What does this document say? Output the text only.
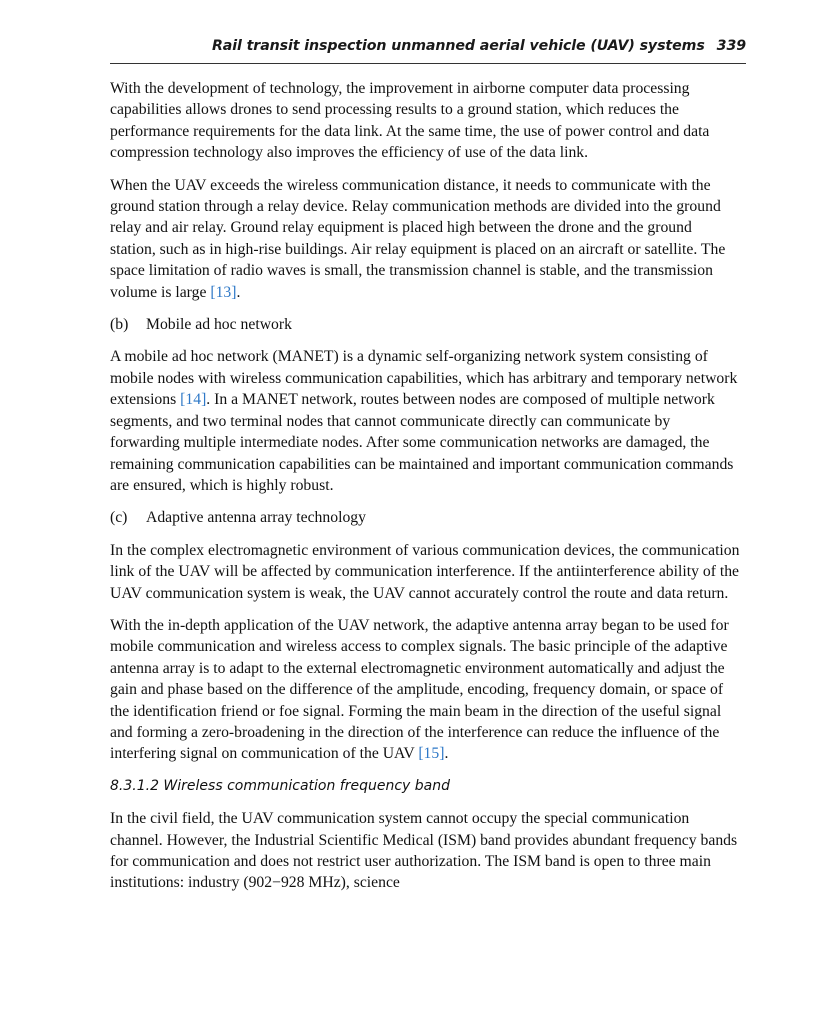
Rail transit inspection unmanned aerial vehicle (UAV) systems 339

With the development of technology, the improvement in airborne computer data processing capabilities allows drones to send processing results to a ground station, which reduces the performance requirements for the data link. At the same time, the use of power control and data compression technology also improves the efficiency of use of the data link.

When the UAV exceeds the wireless communication distance, it needs to communicate with the ground station through a relay device. Relay communication methods are divided into the ground relay and air relay. Ground relay equipment is placed high between the drone and the ground station, such as in high-rise buildings. Air relay equipment is placed on an aircraft or satellite. The space limitation of radio waves is small, the transmission channel is stable, and the transmission volume is large [13].

(b) Mobile ad hoc network

A mobile ad hoc network (MANET) is a dynamic self-organizing network system consisting of mobile nodes with wireless communication capabilities, which has arbitrary and temporary network extensions [14]. In a MANET network, routes between nodes are composed of multiple network segments, and two terminal nodes that cannot communicate directly can communicate by forwarding multiple intermediate nodes. After some communication networks are damaged, the remaining communication capabilities can be maintained and important communication commands are ensured, which is highly robust.

(c) Adaptive antenna array technology

In the complex electromagnetic environment of various communication devices, the communication link of the UAV will be affected by communication interference. If the antiinterference ability of the UAV communication system is weak, the UAV cannot accurately control the route and data return.

With the in-depth application of the UAV network, the adaptive antenna array began to be used for mobile communication and wireless access to complex signals. The basic principle of the adaptive antenna array is to adapt to the external electromagnetic environment automatically and adjust the gain and phase based on the difference of the amplitude, encoding, frequency domain, or space of the identification friend or foe signal. Forming the main beam in the direction of the useful signal and forming a zero-broadening in the direction of the interference can reduce the influence of the interfering signal on communication of the UAV [15].

8.3.1.2 Wireless communication frequency band

In the civil field, the UAV communication system cannot occupy the special communication channel. However, the Industrial Scientific Medical (ISM) band provides abundant frequency bands for communication and does not restrict user authorization. The ISM band is open to three main institutions: industry (902−928 MHz), science
